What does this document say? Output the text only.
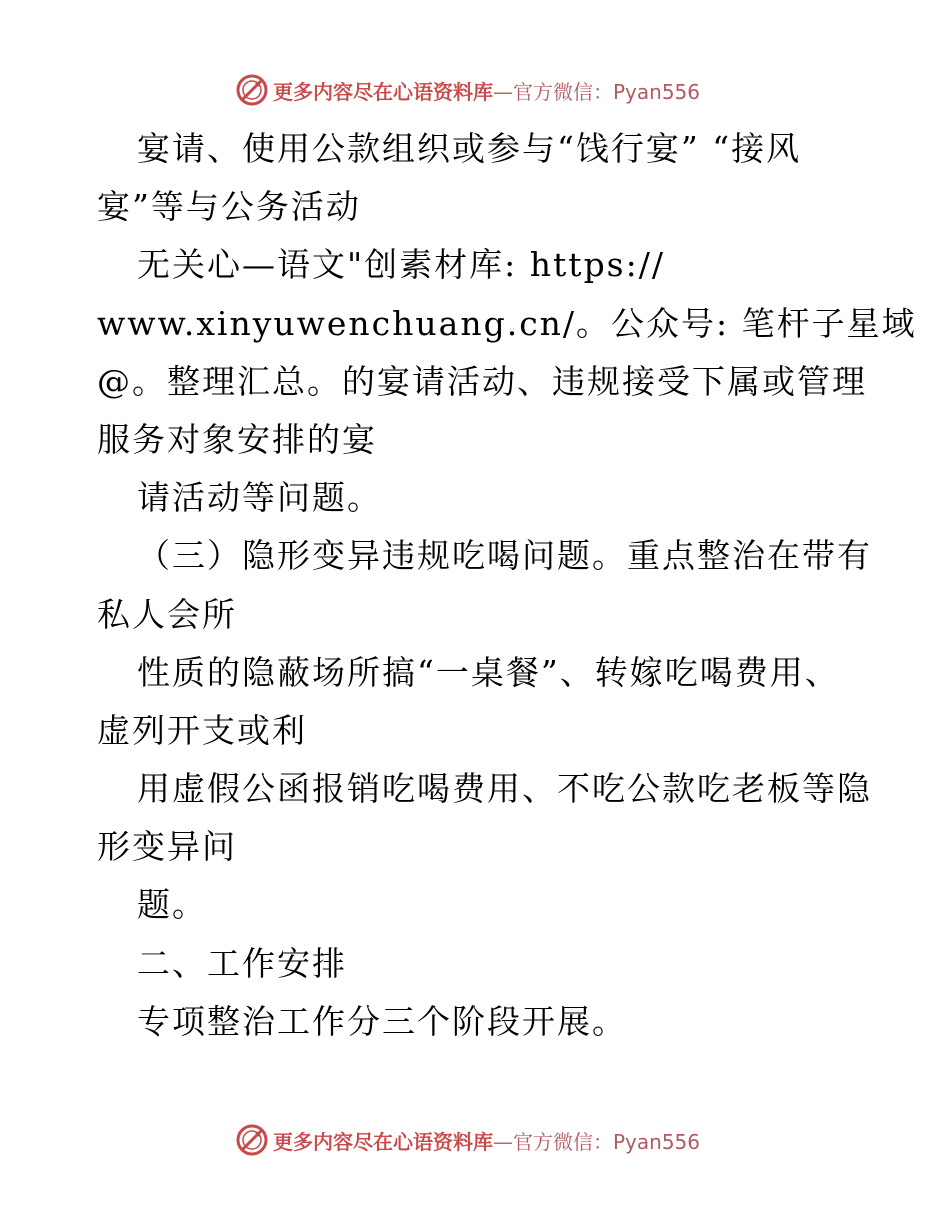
更多内容尽在心语资料库—官方微信：Pyan556
宴请、使用公款组织或参与“饯行宴” “接风
宴”等与公务活动
无关心—语文"创素材库: https://
www.xinyuwenchuang.cn/。公众号: 笔杆子星域
@。整理汇总。的宴请活动、违规接受下属或管理
服务对象安排的宴
请活动等问题。
（三）隐形变异违规吃喝问题。重点整治在带有
私人会所
性质的隐蔽场所搞“一桌餐”、转嫁吃喝费用、
虚列开支或利
用虚假公函报销吃喝费用、不吃公款吃老板等隐
形变异问
题。
二、工作安排
专项整治工作分三个阶段开展。
更多内容尽在心语资料库—官方微信：Pyan556
